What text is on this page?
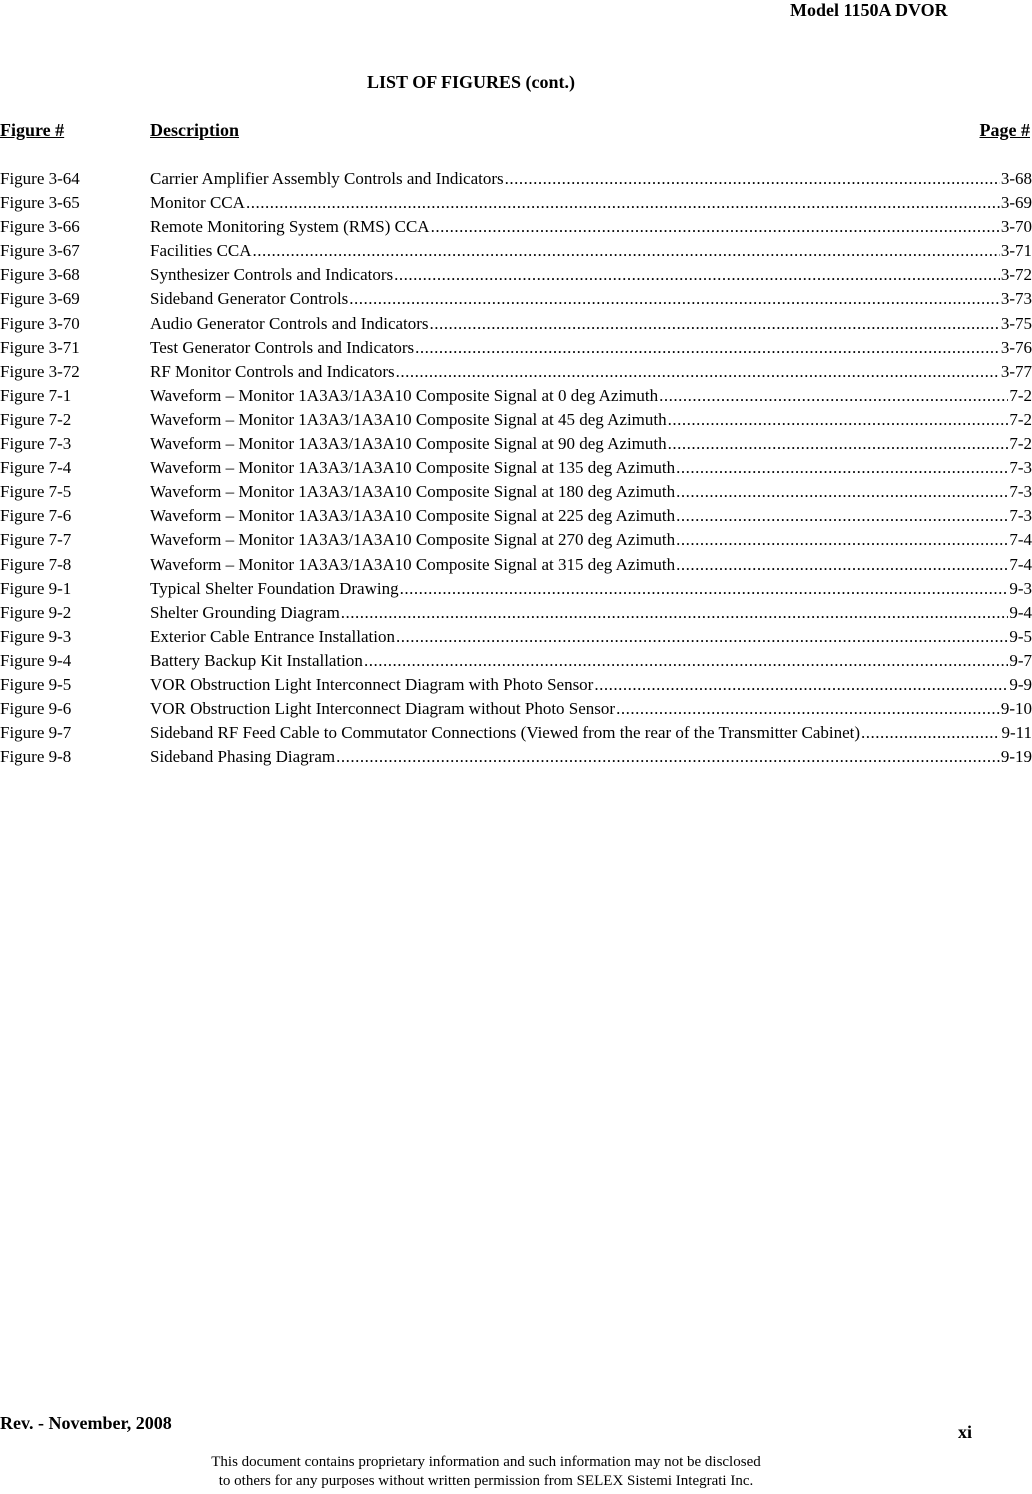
Model 1150A DVOR
LIST OF FIGURES (cont.)
Figure #	Description	Page #
Figure 3-64	Carrier Amplifier Assembly Controls and Indicators .....	3-68
Figure 3-65	Monitor CCA .....	3-69
Figure 3-66	Remote Monitoring System (RMS) CCA .....	3-70
Figure 3-67	Facilities CCA .....	3-71
Figure 3-68	Synthesizer Controls and Indicators .....	3-72
Figure 3-69	Sideband Generator Controls .....	3-73
Figure 3-70	Audio Generator Controls and Indicators .....	3-75
Figure 3-71	Test Generator Controls and Indicators .....	3-76
Figure 3-72	RF Monitor Controls and Indicators .....	3-77
Figure 7-1	Waveform – Monitor 1A3A3/1A3A10 Composite Signal at 0 deg Azimuth .....	7-2
Figure 7-2	Waveform – Monitor 1A3A3/1A3A10 Composite Signal at 45 deg Azimuth .....	7-2
Figure 7-3	Waveform – Monitor 1A3A3/1A3A10 Composite Signal at 90 deg Azimuth .....	7-2
Figure 7-4	Waveform – Monitor 1A3A3/1A3A10 Composite Signal at 135 deg Azimuth .....	7-3
Figure 7-5	Waveform – Monitor 1A3A3/1A3A10 Composite Signal at 180 deg Azimuth .....	7-3
Figure 7-6	Waveform – Monitor 1A3A3/1A3A10 Composite Signal at 225 deg Azimuth .....	7-3
Figure 7-7	Waveform – Monitor 1A3A3/1A3A10 Composite Signal at 270 deg Azimuth .....	7-4
Figure 7-8	Waveform – Monitor 1A3A3/1A3A10 Composite Signal at 315 deg Azimuth .....	7-4
Figure 9-1	Typical Shelter Foundation Drawing .....	9-3
Figure 9-2	Shelter Grounding Diagram .....	9-4
Figure 9-3	Exterior Cable Entrance Installation .....	9-5
Figure 9-4	Battery Backup Kit Installation .....	9-7
Figure 9-5	VOR Obstruction Light Interconnect Diagram with Photo Sensor .....	9-9
Figure 9-6	VOR Obstruction Light Interconnect Diagram without Photo Sensor .....	9-10
Figure 9-7	Sideband RF Feed Cable to Commutator Connections (Viewed from the rear of the Transmitter Cabinet) .....	9-11
Figure 9-8	Sideband Phasing Diagram .....	9-19
Rev. - November, 2008	xi
This document contains proprietary information and such information may not be disclosed
to others for any purposes without written permission from SELEX Sistemi Integrati Inc.
